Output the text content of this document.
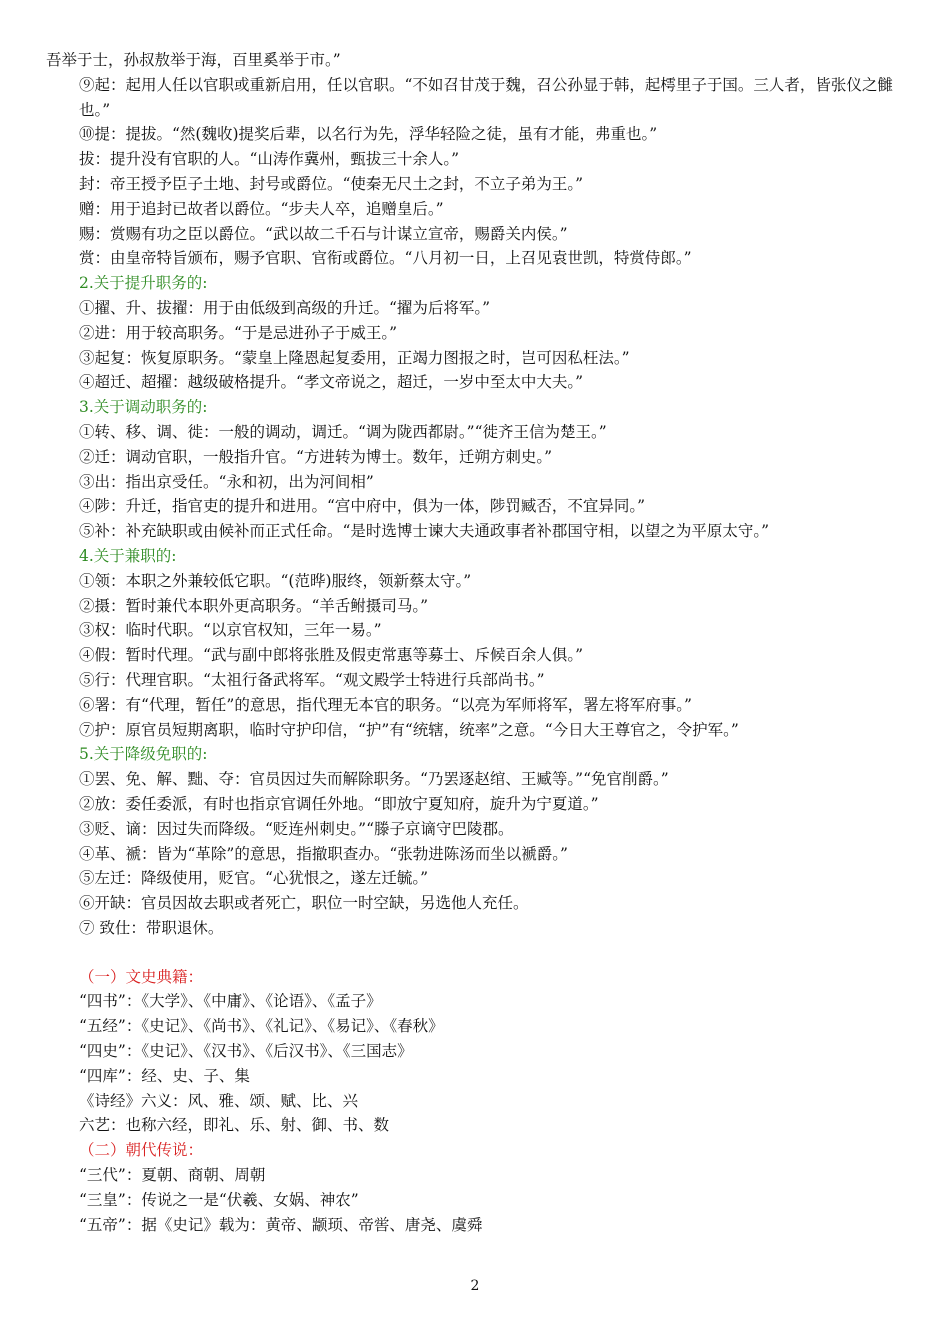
吾举于士，孙叔敖举于海，百里奚举于市。”
⑨起：起用人任以官职或重新启用，任以官职。“不如召甘茂于魏，召公孙显于韩，起樗里子于国。三人者，皆张仪之雠也。”
⑩提：提拔。“然(魏收)提奖后辈，以名行为先，浮华轻险之徒，虽有才能，弗重也。”
拔：提升没有官职的人。“山涛作冀州，甄拔三十余人。”
封：帝王授予臣子土地、封号或爵位。“使秦无尺土之封，不立子弟为王。”
赠：用于追封已故者以爵位。“步夫人卒，追赠皇后。”
赐：赏赐有功之臣以爵位。“武以故二千石与计谋立宣帝，赐爵关内侯。”
赏：由皇帝特旨颁布，赐予官职、官衔或爵位。“八月初一日，上召见袁世凯，特赏侍郎。”
2.关于提升职务的:
①擢、升、拔擢：用于由低级到高级的升迁。“擢为后将军。”
②进：用于较高职务。“于是忌进孙子于威王。”
③起复：恢复原职务。“蒙皇上隆恩起复委用，正竭力图报之时，岂可因私枉法。”
④超迁、超擢：越级破格提升。“孝文帝说之，超迁，一岁中至太中大夫。”
3.关于调动职务的:
①转、移、调、徙：一般的调动，调迁。“调为陇西都尉。”“徙齐王信为楚王。”
②迁：调动官职，一般指升官。“方进转为博士。数年，迁朔方刺史。”
③出：指出京受任。“永和初，出为河间相”
④陟：升迁，指官吏的提升和进用。“宫中府中，俱为一体，陟罚臧否，不宜异同。”
⑤补：补充缺职或由候补而正式任命。“是时选博士谏大夫通政事者补郡国守相，以望之为平原太守。”
4.关于兼职的:
①领：本职之外兼较低它职。“(范晔)服终，领新蔡太守。”
②摄：暂时兼代本职外更高职务。“羊舌鲋摄司马。”
③权：临时代职。“以京官权知，三年一易。”
④假：暂时代理。“武与副中郎将张胜及假吏常惠等募士、斥候百余人俱。”
⑤行：代理官职。“太祖行备武将军。“观文殿学士特进行兵部尚书。”
⑥署：有“代理，暂任”的意思，指代理无本官的职务。“以亮为军师将军，署左将军府事。”
⑦护：原官员短期离职，临时守护印信，“护”有“统辖，统率”之意。“今日大王尊官之，令护军。”
5.关于降级免职的:
①罢、免、解、黜、夺：官员因过失而解除职务。“乃罢逐赵绾、王臧等。”“免官削爵。”
②放：委任委派，有时也指京官调任外地。“即放宁夏知府，旋升为宁夏道。”
③贬、谪：因过失而降级。“贬连州刺史。”“滕子京谪守巴陵郡。
④革、褫：皆为“革除”的意思，指撤职查办。“张勃进陈汤而坐以褫爵。”
⑤左迁：降级使用，贬官。“心犹恨之，遂左迁毓。”
⑥开缺：官员因故去职或者死亡，职位一时空缺，另选他人充任。
⑦ 致仕：带职退休。
（一）文史典籍：
“四书”：《大学》、《中庸》、《论语》、《孟子》
“五经”：《史记》、《尚书》、《礼记》、《易记》、《春秋》
“四史”：《史记》、《汉书》、《后汉书》、《三国志》
“四库”：经、史、子、集
《诗经》六义：风、雅、颂、赋、比、兴
六艺：也称六经，即礼、乐、射、御、书、数
（二）朝代传说：
“三代”：夏朝、商朝、周朝
“三皇”：传说之一是“伏羲、女娲、神农”
“五帝”：据《史记》载为：黄帝、颛顼、帝喾、唐尧、虞舜
2
